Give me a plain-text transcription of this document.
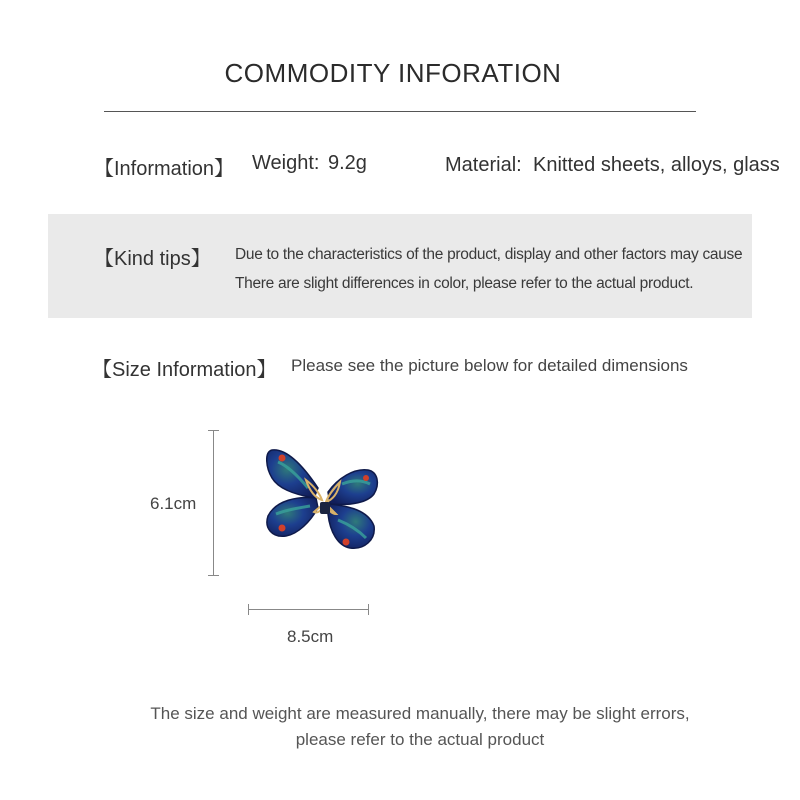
COMMODITY INFORATION
【Information】 Weight: 9.2g	Material: Knitted sheets, alloys, glass
【Kind tips】 Due to the characteristics of the product, display and other factors may cause
There are slight differences in color, please refer to the actual product.
【Size Information】 Please see the picture below for detailed dimensions
6.1cm
8.5cm
The size and weight are measured manually, there may be slight errors,
please refer to the actual product
